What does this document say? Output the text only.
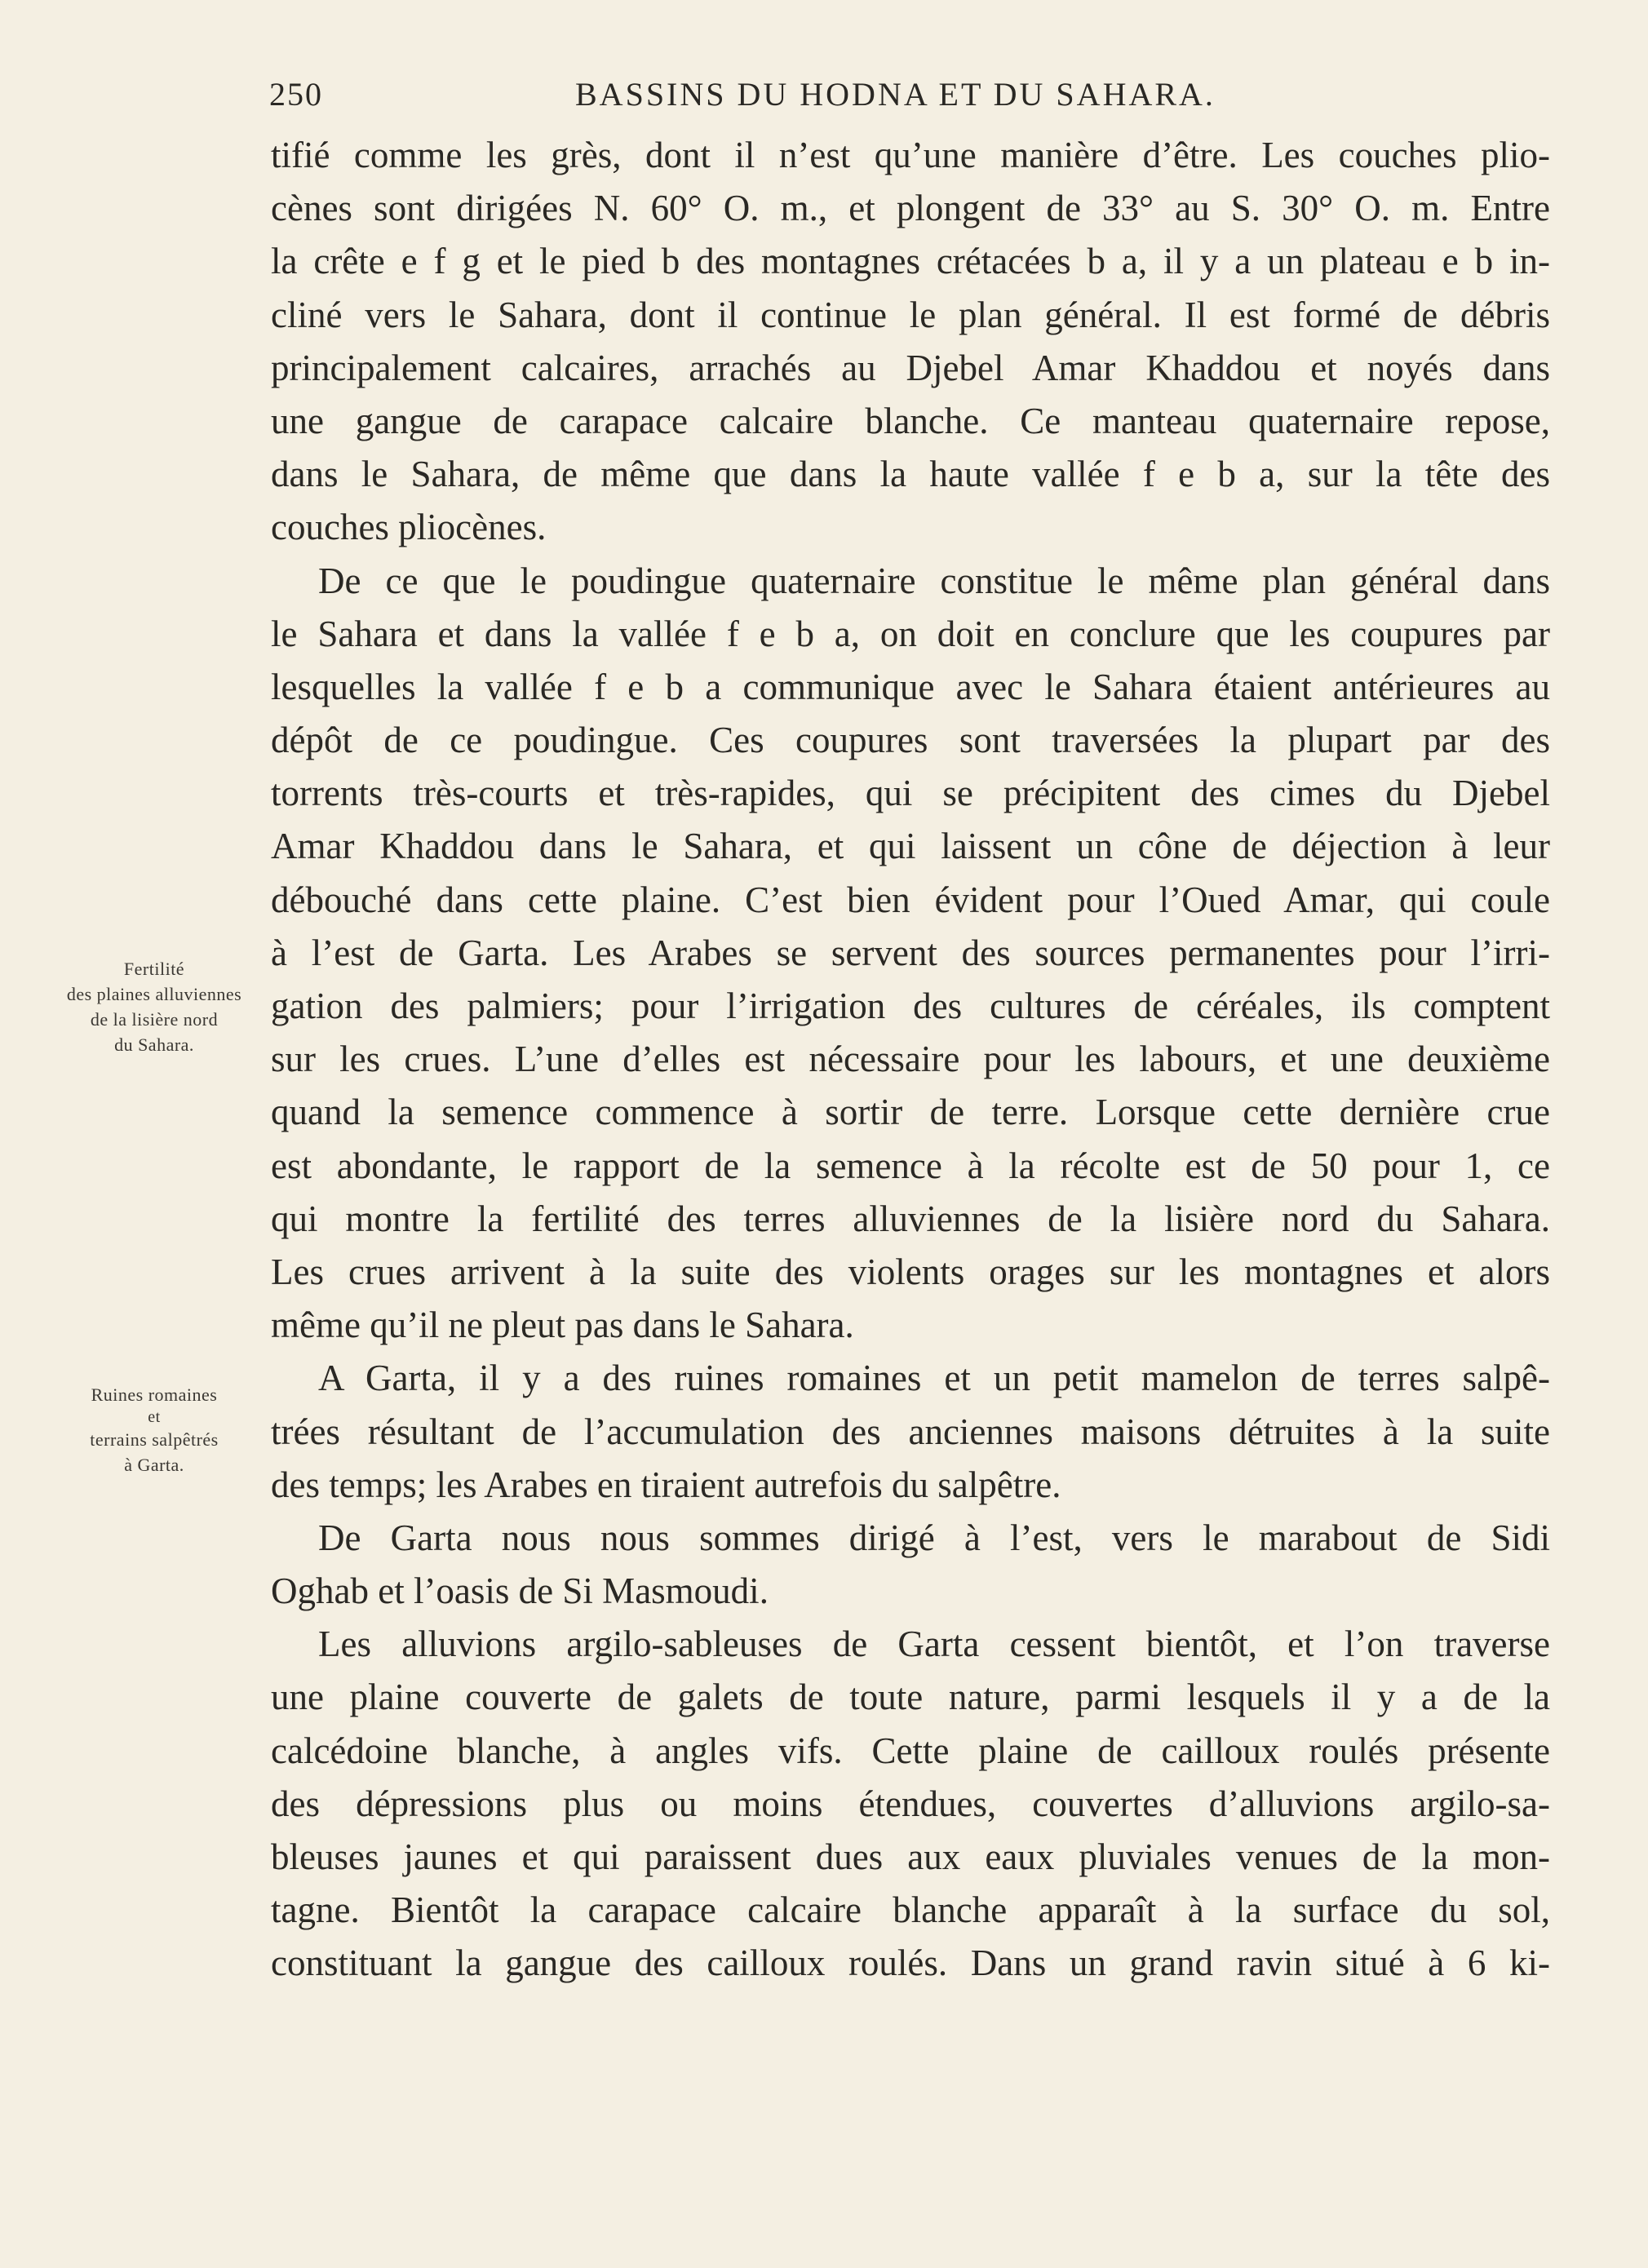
250	BASSINS DU HODNA ET DU SAHARA.
Fertilité
des plaines alluviennes
de la lisière nord
du Sahara.
Ruines romaines
et
terrains salpêtrés
à Garta.
tifié comme les grès, dont il n’est qu’une manière d’être. Les couches plio-
cènes sont dirigées N. 60° O. m., et plongent de 33° au S. 30° O. m. Entre
la crête e f g et le pied b des montagnes crétacées b a, il y a un plateau e b in-
cliné vers le Sahara, dont il continue le plan général. Il est formé de débris
principalement calcaires, arrachés au Djebel Amar Khaddou et noyés dans
une gangue de carapace calcaire blanche. Ce manteau quaternaire repose,
dans le Sahara, de même que dans la haute vallée f e b a, sur la tête des
couches pliocènes.
De ce que le poudingue quaternaire constitue le même plan général dans
le Sahara et dans la vallée f e b a, on doit en conclure que les coupures par
lesquelles la vallée f e b a communique avec le Sahara étaient antérieures au
dépôt de ce poudingue. Ces coupures sont traversées la plupart par des
torrents très-courts et très-rapides, qui se précipitent des cimes du Djebel
Amar Khaddou dans le Sahara, et qui laissent un cône de déjection à leur
débouché dans cette plaine. C’est bien évident pour l’Oued Amar, qui coule
à l’est de Garta. Les Arabes se servent des sources permanentes pour l’irri-
gation des palmiers; pour l’irrigation des cultures de céréales, ils comptent
sur les crues. L’une d’elles est nécessaire pour les labours, et une deuxième
quand la semence commence à sortir de terre. Lorsque cette dernière crue
est abondante, le rapport de la semence à la récolte est de 50 pour 1, ce
qui montre la fertilité des terres alluviennes de la lisière nord du Sahara.
Les crues arrivent à la suite des violents orages sur les montagnes et alors
même qu’il ne pleut pas dans le Sahara.
A Garta, il y a des ruines romaines et un petit mamelon de terres salpê-
trées résultant de l’accumulation des anciennes maisons détruites à la suite
des temps; les Arabes en tiraient autrefois du salpêtre.
De Garta nous nous sommes dirigé à l’est, vers le marabout de Sidi
Oghab et l’oasis de Si Masmoudi.
Les alluvions argilo-sableuses de Garta cessent bientôt, et l’on traverse
une plaine couverte de galets de toute nature, parmi lesquels il y a de la
calcédoine blanche, à angles vifs. Cette plaine de cailloux roulés présente
des dépressions plus ou moins étendues, couvertes d’alluvions argilo-sa-
bleuses jaunes et qui paraissent dues aux eaux pluviales venues de la mon-
tagne. Bientôt la carapace calcaire blanche apparaît à la surface du sol,
constituant la gangue des cailloux roulés. Dans un grand ravin situé à 6 ki-
